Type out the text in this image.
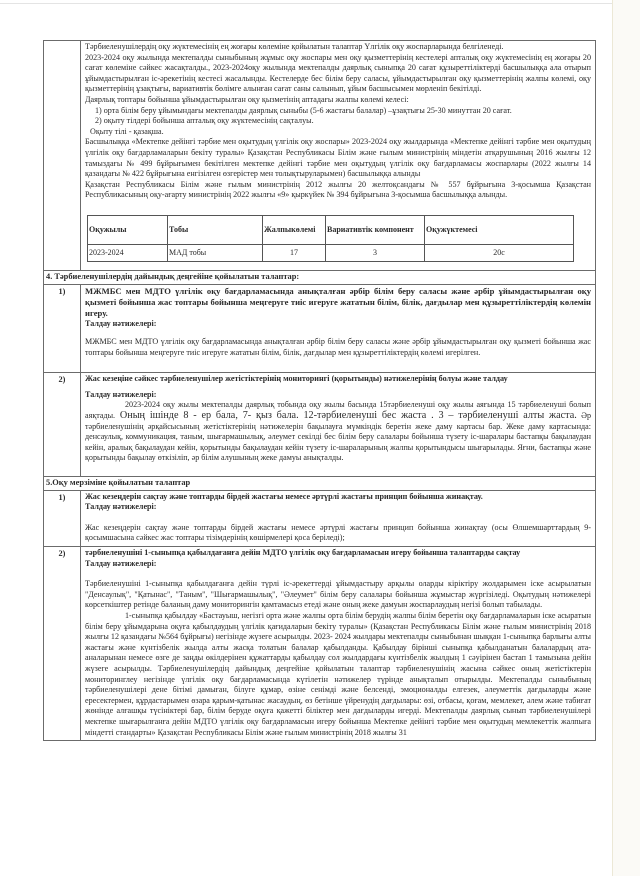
Тәрбиеленушілердің оқу жүктемесінің ең жоғары көлеміне қойылатын талаптар Үлгілік оқу жоспарларында белгіленеді.

2023-2024 оқу жылында мектепалды сыныбының жұмыс оқу жоспары мен оқу қызметтерінің кестелері апталық оқу жүктемесінің ең жоғары 20 сағат көлеміне сәйкес жасақталды., 2023-2024оқу жылында мектепалды даярлық сыныпқа 20 сағат құзыреттіліктерді басшылыққа ала отырып ұйымдастырылған іс-әрекетінің кестесі жасалынды. Кестелерде бес білім беру саласы, ұйымдастырылған оқу қызметтерінің жалпы көлемі, оқу қызметтерінің ұзақтығы, вариативтік бөлімге алынған сағат саны салынып, ұйым басшысымен мөрленіп бекітілді.

Даярлық топтары бойынша ұйымдастырылған оқу қызметінің аптадағы жалпы көлемі келесі:

1) орта білім беру ұйымындағы мектепалды даярлық сыныбы (5-6 жастағы балалар) –ұзақтығы 25-30 минуттан 20 сағат.

2) оқыту тілдері бойынша апталық оқу жүктемесінің сақталуы.

Оқыту тілі - қазақша.

Басшылыққа «Мектепке дейінгі тәрбие мен оқытудың үлгілік оқу жоспары» 2023-2024 оқу жылдарында «Мектепке дейінгі тәрбие мен оқытудың үлгілік оқу бағдарламаларын бекіту туралы» Қазақстан Республикасы Білім және ғылым министрінің міндетін атқарушының 2016 жылғы 12 тамыздағы № 499 бұйрығымен бекітілген мектепке дейінгі тәрбие мен оқытудың үлгілік оқу бағдарламасы жоспарлары (2022 жылғы 14 қазандағы № 422 бұйрығына енгізілген өзгерістер мен толықтыруларымен) басшылыққа алынды

Қазақстан Республикасы Білім және ғылым министрінің 2012 жылғы 20 желтоқсандағы № 557 бұйрығына 3-қосымша Қазақстан Республикасының оқу-ағарту министрінің 2022 жылғы «9» қыркүйек № 394 бұйрығына 3-қосымша басшылыққа алынды.

Оқужылы	Тобы	Жалпыкөлемі	Вариативтік компонент	Оқужүктемесі
2023-2024	МАД тобы	17	3	20с

4. Тәрбиеленушілердің дайындық деңгейіне қойылатын талаптар:
1)	МЖМБС мен МДТО үлгілік оқу бағдарламасында анықталған әрбір білім беру саласы және әрбір ұйымдастырылған оқу қызметі бойынша жас топтары бойынша меңгеруге тиіс игеруге жататын білім, білік, дағдылар мен құзыреттіліктердің көлемін игеру.

Талдау нәтижелері:

МЖМБС мен МДТО үлгілік оқу бағдарламасында анықталған әрбір білім беру саласы және әрбір ұйымдастырылған оқу қызметі бойынша жас топтары бойынша меңгеруге тиіс игеруге жататын білім, білік, дағдылар мен құзыреттіліктердің көлемі игерілген.

2)	Жас кезеңіне сәйкес тәрбиеленушілер жетістіктерінің мониторингі (қорытынды) нәтижелерінің болуы және талдау

Талдау нәтижелері:

2023-2024 оқу жылы мектепалды даярлық тобында оқу жылы басында 15тәрбиеленуші оқу жылы аяғында 15 тәрбиеленуші болып аяқтады. Оның ішінде 8 - ер бала, 7- қыз бала. 12-тәрбиеленуші бес жаста . 3 – тәрбиеленуші алты жаста. Әр тәрбиеленушінің әрқайсысының жетістіктерінің нәтижелерін бақылауға мүмкіндік беретін жеке даму картасы бар. Жеке даму картасында: денсаулық, коммуникация, таным, шығармашылық, әлеумет секілді бес білім беру салалары бойынша түзету іс-шаралары бастапқы бақылаудан кейін, аралық бақылаудан кейін, қорытынды бақылаудан кейін түзету іс-шараларының жалпы қорытындысы шығарылады. Яғни, бастапқы және қорытынды бақылау өткізіліп, әр білім алушының жеке дамуы анықталды.

5.Оқу мерзіміне қойылатын талаптар
1)	Жас кезеңдерін сақтау және топтарды бірдей жастағы немесе әртүрлі жастағы принцип бойынша жинақтау.

Талдау нәтижелері:

Жас кезеңдерін сақтау және топтарды бірдей жастағы немесе әртүрлі жастағы принцип бойынша жинақтау (осы Өлшемшарттардың 9-қосымшасына сәйкес жас топтары тізімдерінің көшірмелері қоса беріледі);

2)	тәрбиеленушіні 1-сыныпқа қабылдағанға дейін МДТО үлгілік оқу бағдарламасын игеру бойынша талаптарды сақтау

Талдау нәтижелері:

Тәрбиеленушіні 1-сыныпқа қабылдағанға дейін түрлі іс-әрекеттерді ұйымдастыру арқылы оларды кіріктіру жолдарымен іске асырылатын "Денсаулық", "Қатынас", "Таным", "Шығармашылық", "Әлеумет" білім беру салалары бойынша жұмыстар жүргізіледі. Оқытудың нәтижелері көрсеткіштер ретінде баланың даму мониторингін қамтамасыз етеді және оның жеке дамуын жоспарлаудың негізі болып табылады.

1-сыныпқа қабылдау «Бастауыш, негізгі орта және жалпы орта білім берудің жалпы білім беретін оқу бағдарламаларын іске асыратын білім беру ұйымдарына оқуға қабылдаудың үлгілік қағидаларын бекіту туралы» (Қазақстан Республикасы Білім және ғылым министрінің 2018 жылғы 12 қазандағы №564 бұйрығы) негізінде жүзеге асырылды. 2023- 2024 жылдары мектепалды сыныбынан шыққан 1-сыныпқа барлығы алты жастағы және күнтізбелік жылда алты жасқа толатын балалар қабылданды. Қабылдау бірінші сыныпқа қабылданатын балалардың ата-аналарынан немесе өзге де заңды өкілдерінен құжаттарды қабылдау сол жылдардағы күнтізбелік жылдың 1 сәуірінен бастап 1 тамызына дейін жүзеге асырылды. Тәрбиеленушілердің дайындық деңгейіне қойылатын талаптар тәрбиеленушінің жасына сәйкес оның жетістіктерін мониторинглеу негізінде үлгілік оқу бағдарламасында күтілетін нәтижелер түрінде анықталып отырылды. Мектепалды сыныбының тәрбиеленушілері дене бітімі дамыған, білуге құмар, өзіне сенімді және белсенді, эмоционалды елгезек, әлеуметтік дағдыларды және ересектермен, құрдастарымен өзара қарым-қатынас жасаудың, өз бетінше үйренудің дағдылары: өзі, отбасы, қоғам, мемлекет, әлем және табиғат жөнінде алғашқы түсініктері бар, білім беруде оқуға қажетті біліктер мен дағдыларды игерді. Мектепалды даярлық сынып тәрбиеленушілері мектепке шығарылғанға дейін МДТО үлгілік оқу бағдарламасын игеру бойынша Мектепке дейінгі тәрбие мен оқытудың мемлекеттік жалпыға міндетті стандарты» Қазақстан Республикасы Білім және ғылым министрінің 2018 жылғы 31
